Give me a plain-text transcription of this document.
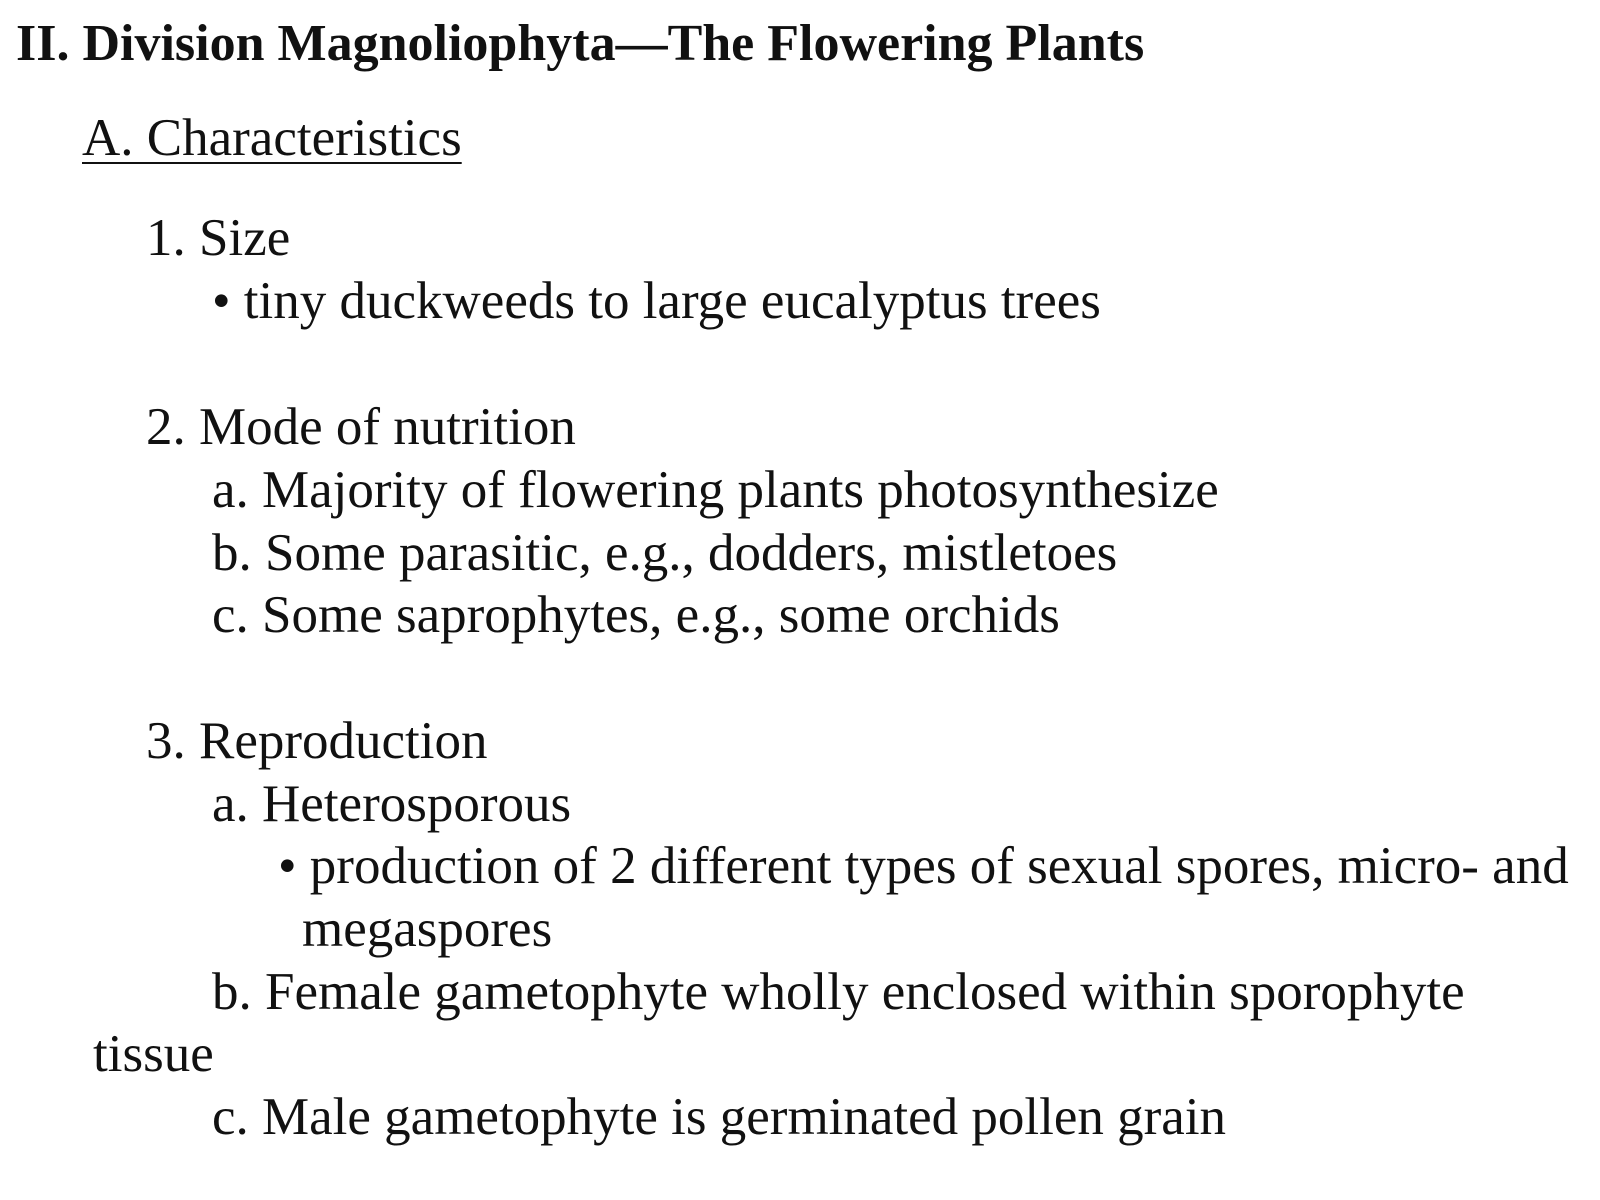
II. Division Magnoliophyta—The Flowering Plants
A. Characteristics
1. Size
• tiny duckweeds to large eucalyptus trees
2. Mode of nutrition
a. Majority of flowering plants photosynthesize
b. Some parasitic, e.g., dodders, mistletoes
c. Some saprophytes, e.g., some orchids
3. Reproduction
a. Heterosporous
• production of 2 different types of sexual spores, micro- and
megaspores
b. Female gametophyte wholly enclosed within sporophyte
tissue
c. Male gametophyte is germinated pollen grain
